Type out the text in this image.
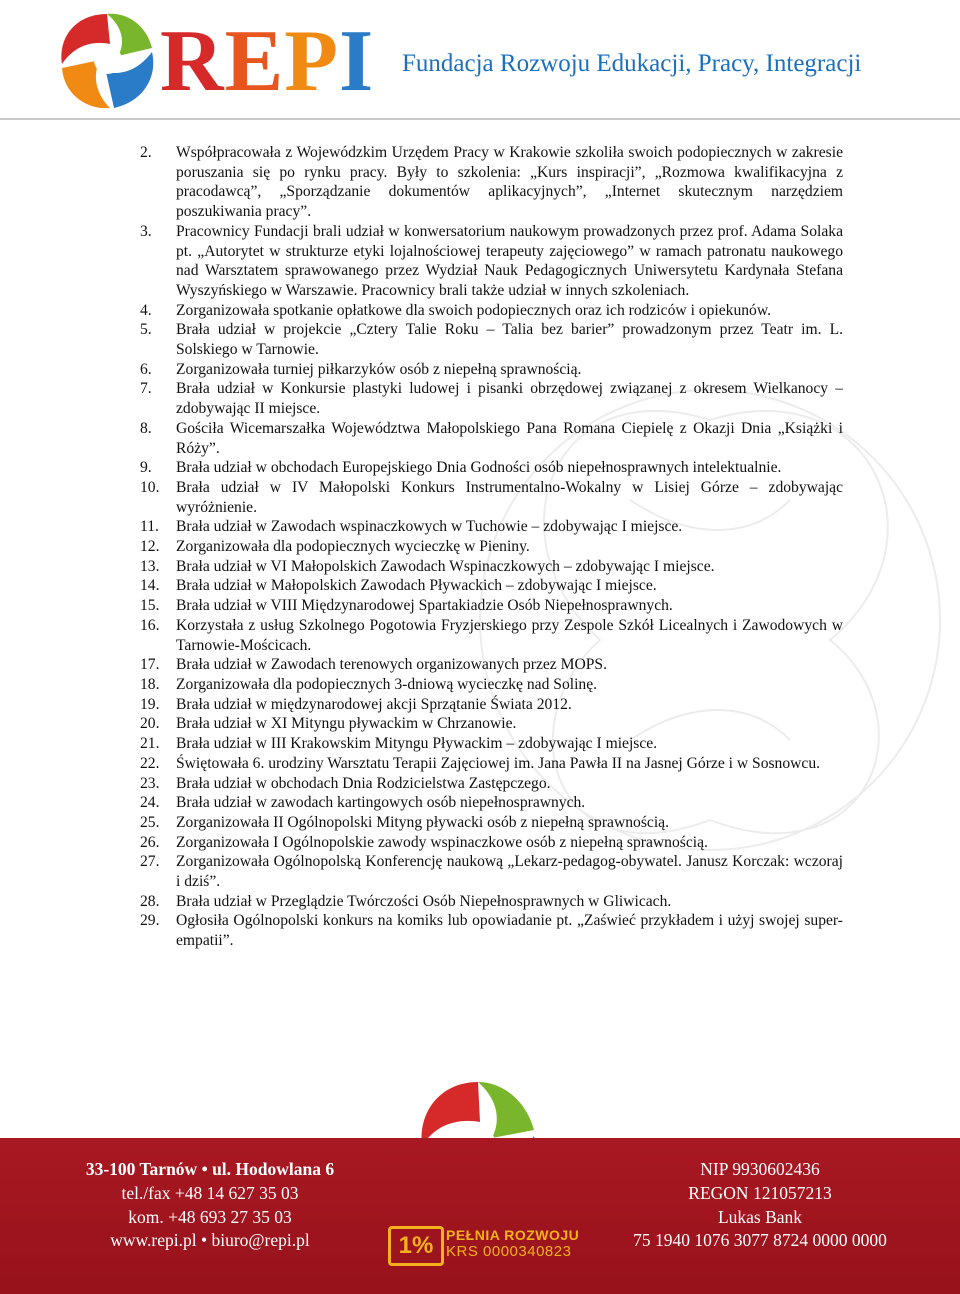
REPI Fundacja Rozwoju Edukacji, Pracy, Integracji
2.	Współpracowała z Wojewódzkim Urzędem Pracy w Krakowie szkoliła swoich podopiecznych w zakresie poruszania się po rynku pracy. Były to szkolenia: „Kurs inspiracji”, „Rozmowa kwalifikacyjna z pracodawcą”, „Sporządzanie dokumentów aplikacyjnych”, „Internet skutecznym narzędziem poszukiwania pracy”.
3.	Pracownicy Fundacji brali udział w konwersatorium naukowym prowadzonych przez prof. Adama Solaka pt. „Autorytet w strukturze etyki lojalnościowej terapeuty zajęciowego” w ramach patronatu naukowego nad Warsztatem sprawowanego przez Wydział Nauk Pedagogicznych Uniwersytetu Kardynała Stefana Wyszyńskiego w Warszawie. Pracownicy brali także udział w innych szkoleniach.
4.	Zorganizowała spotkanie opłatkowe dla swoich podopiecznych oraz ich rodziców i opiekunów.
5.	Brała udział w projekcie „Cztery Talie Roku – Talia bez barier” prowadzonym przez Teatr im. L. Solskiego w Tarnowie.
6.	Zorganizowała turniej piłkarzyków osób z niepełną sprawnością.
7.	Brała udział w Konkursie plastyki ludowej i pisanki obrzędowej związanej z okresem Wielkanocy – zdobywając II miejsce.
8.	Gościła Wicemarszałka Województwa Małopolskiego Pana Romana Ciepielę z Okazji Dnia „Książki i Róży”.
9.	Brała udział w obchodach Europejskiego Dnia Godności osób niepełnosprawnych intelektualnie.
10.	Brała udział w IV Małopolski Konkurs Instrumentalno-Wokalny w Lisiej Górze – zdobywając wyróżnienie.
11.	Brała udział w Zawodach wspinaczkowych w Tuchowie – zdobywając I miejsce.
12.	Zorganizowała dla podopiecznych wycieczkę w Pieniny.
13.	Brała udział w VI Małopolskich Zawodach Wspinaczkowych – zdobywając I miejsce.
14.	Brała udział w Małopolskich Zawodach Pływackich – zdobywając I miejsce.
15.	Brała udział w VIII Międzynarodowej Spartakiadzie Osób Niepełnosprawnych.
16.	Korzystała z usług Szkolnego Pogotowia Fryzjerskiego przy Zespole Szkół Licealnych i Zawodowych w Tarnowie-Mościcach.
17.	Brała udział w Zawodach terenowych organizowanych przez MOPS.
18.	Zorganizowała dla podopiecznych 3-dniową wycieczkę nad Solinę.
19.	Brała udział w międzynarodowej akcji Sprzątanie Świata 2012.
20.	Brała udział w XI Mityngu pływackim w Chrzanowie.
21.	Brała udział w III Krakowskim Mityngu Pływackim – zdobywając I miejsce.
22.	Świętowała 6. urodziny Warsztatu Terapii Zajęciowej im. Jana Pawła II na Jasnej Górze i w Sosnowcu.
23.	Brała udział w obchodach Dnia Rodzicielstwa Zastępczego.
24.	Brała udział w zawodach kartingowych osób niepełnosprawnych.
25.	Zorganizowała II Ogólnopolski Mityng pływacki osób z niepełną sprawnością.
26.	Zorganizowała I Ogólnopolskie zawody wspinaczkowe osób z niepełną sprawnością.
27.	Zorganizowała Ogólnopolską Konferencję naukową „Lekarz-pedagog-obywatel. Janusz Korczak: wczoraj i dziś”.
28.	Brała udział w Przeglądzie Twórczości Osób Niepełnosprawnych w Gliwicach.
29.	Ogłosiła Ogólnopolski konkurs na komiks lub opowiadanie pt. „Zaświeć przykładem i użyj swojej super-empatii”.
33-100 Tarnów • ul. Hodowlana 6
tel./fax +48 14 627 35 03
kom. +48 693 27 35 03
www.repi.pl • biuro@repi.pl
NIP 9930602436
REGON 121057213
Lukas Bank
75 1940 1076 3077 8724 0000 0000
1% PEŁNIA ROZWOJU
KRS 0000340823
